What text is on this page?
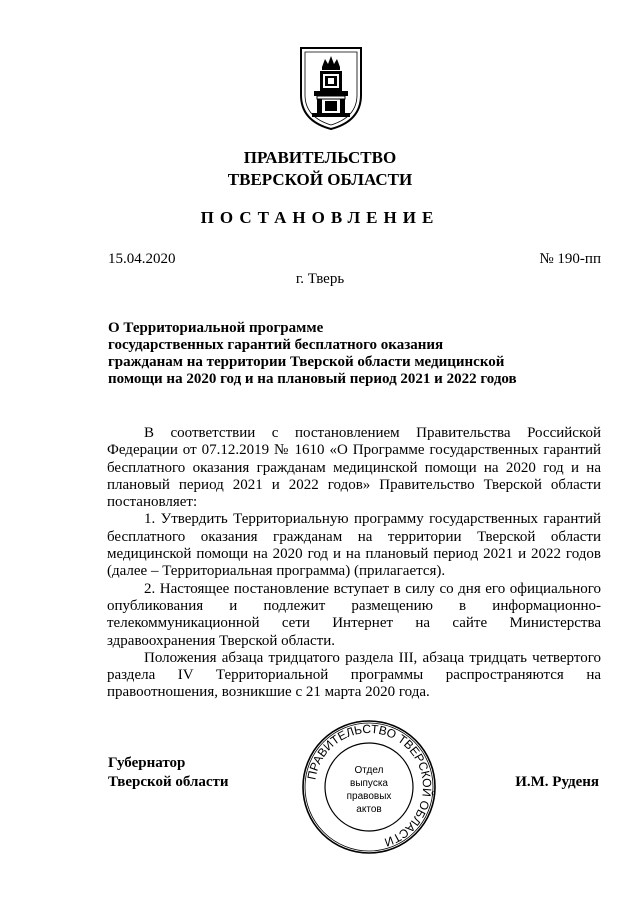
ПРАВИТЕЛЬСТВО
ТВЕРСКОЙ ОБЛАСТИ
ПОСТАНОВЛЕНИЕ
15.04.2020	№ 190-пп
г. Тверь
О Территориальной программе
государственных гарантий бесплатного оказания
гражданам на территории Тверской области медицинской
помощи на 2020 год и на плановый период 2021 и 2022 годов

В соответствии с постановлением Правительства Российской Федерации от 07.12.2019 № 1610 «О Программе государственных гарантий бесплатного оказания гражданам медицинской помощи на 2020 год и на плановый период 2021 и 2022 годов» Правительство Тверской области постановляет:

1. Утвердить Территориальную программу государственных гарантий бесплатного оказания гражданам на территории Тверской области медицинской помощи на 2020 год и на плановый период 2021 и 2022 годов (далее – Территориальная программа) (прилагается).

2. Настоящее постановление вступает в силу со дня его официального опубликования и подлежит размещению в информационно-телекоммуникационной сети Интернет на сайте Министерства здравоохранения Тверской области.

Положения абзаца тридцатого раздела III, абзаца тридцать четвертого раздела IV Территориальной программы распространяются на правоотношения, возникшие с 21 марта 2020 года.

Губернатор
Тверской области	И.М. Руденя
ПРАВИТЕЛЬСТВО ТВЕРСКОЙ ОБЛАСТИ
Отдел
выпуска
правовых
актов
